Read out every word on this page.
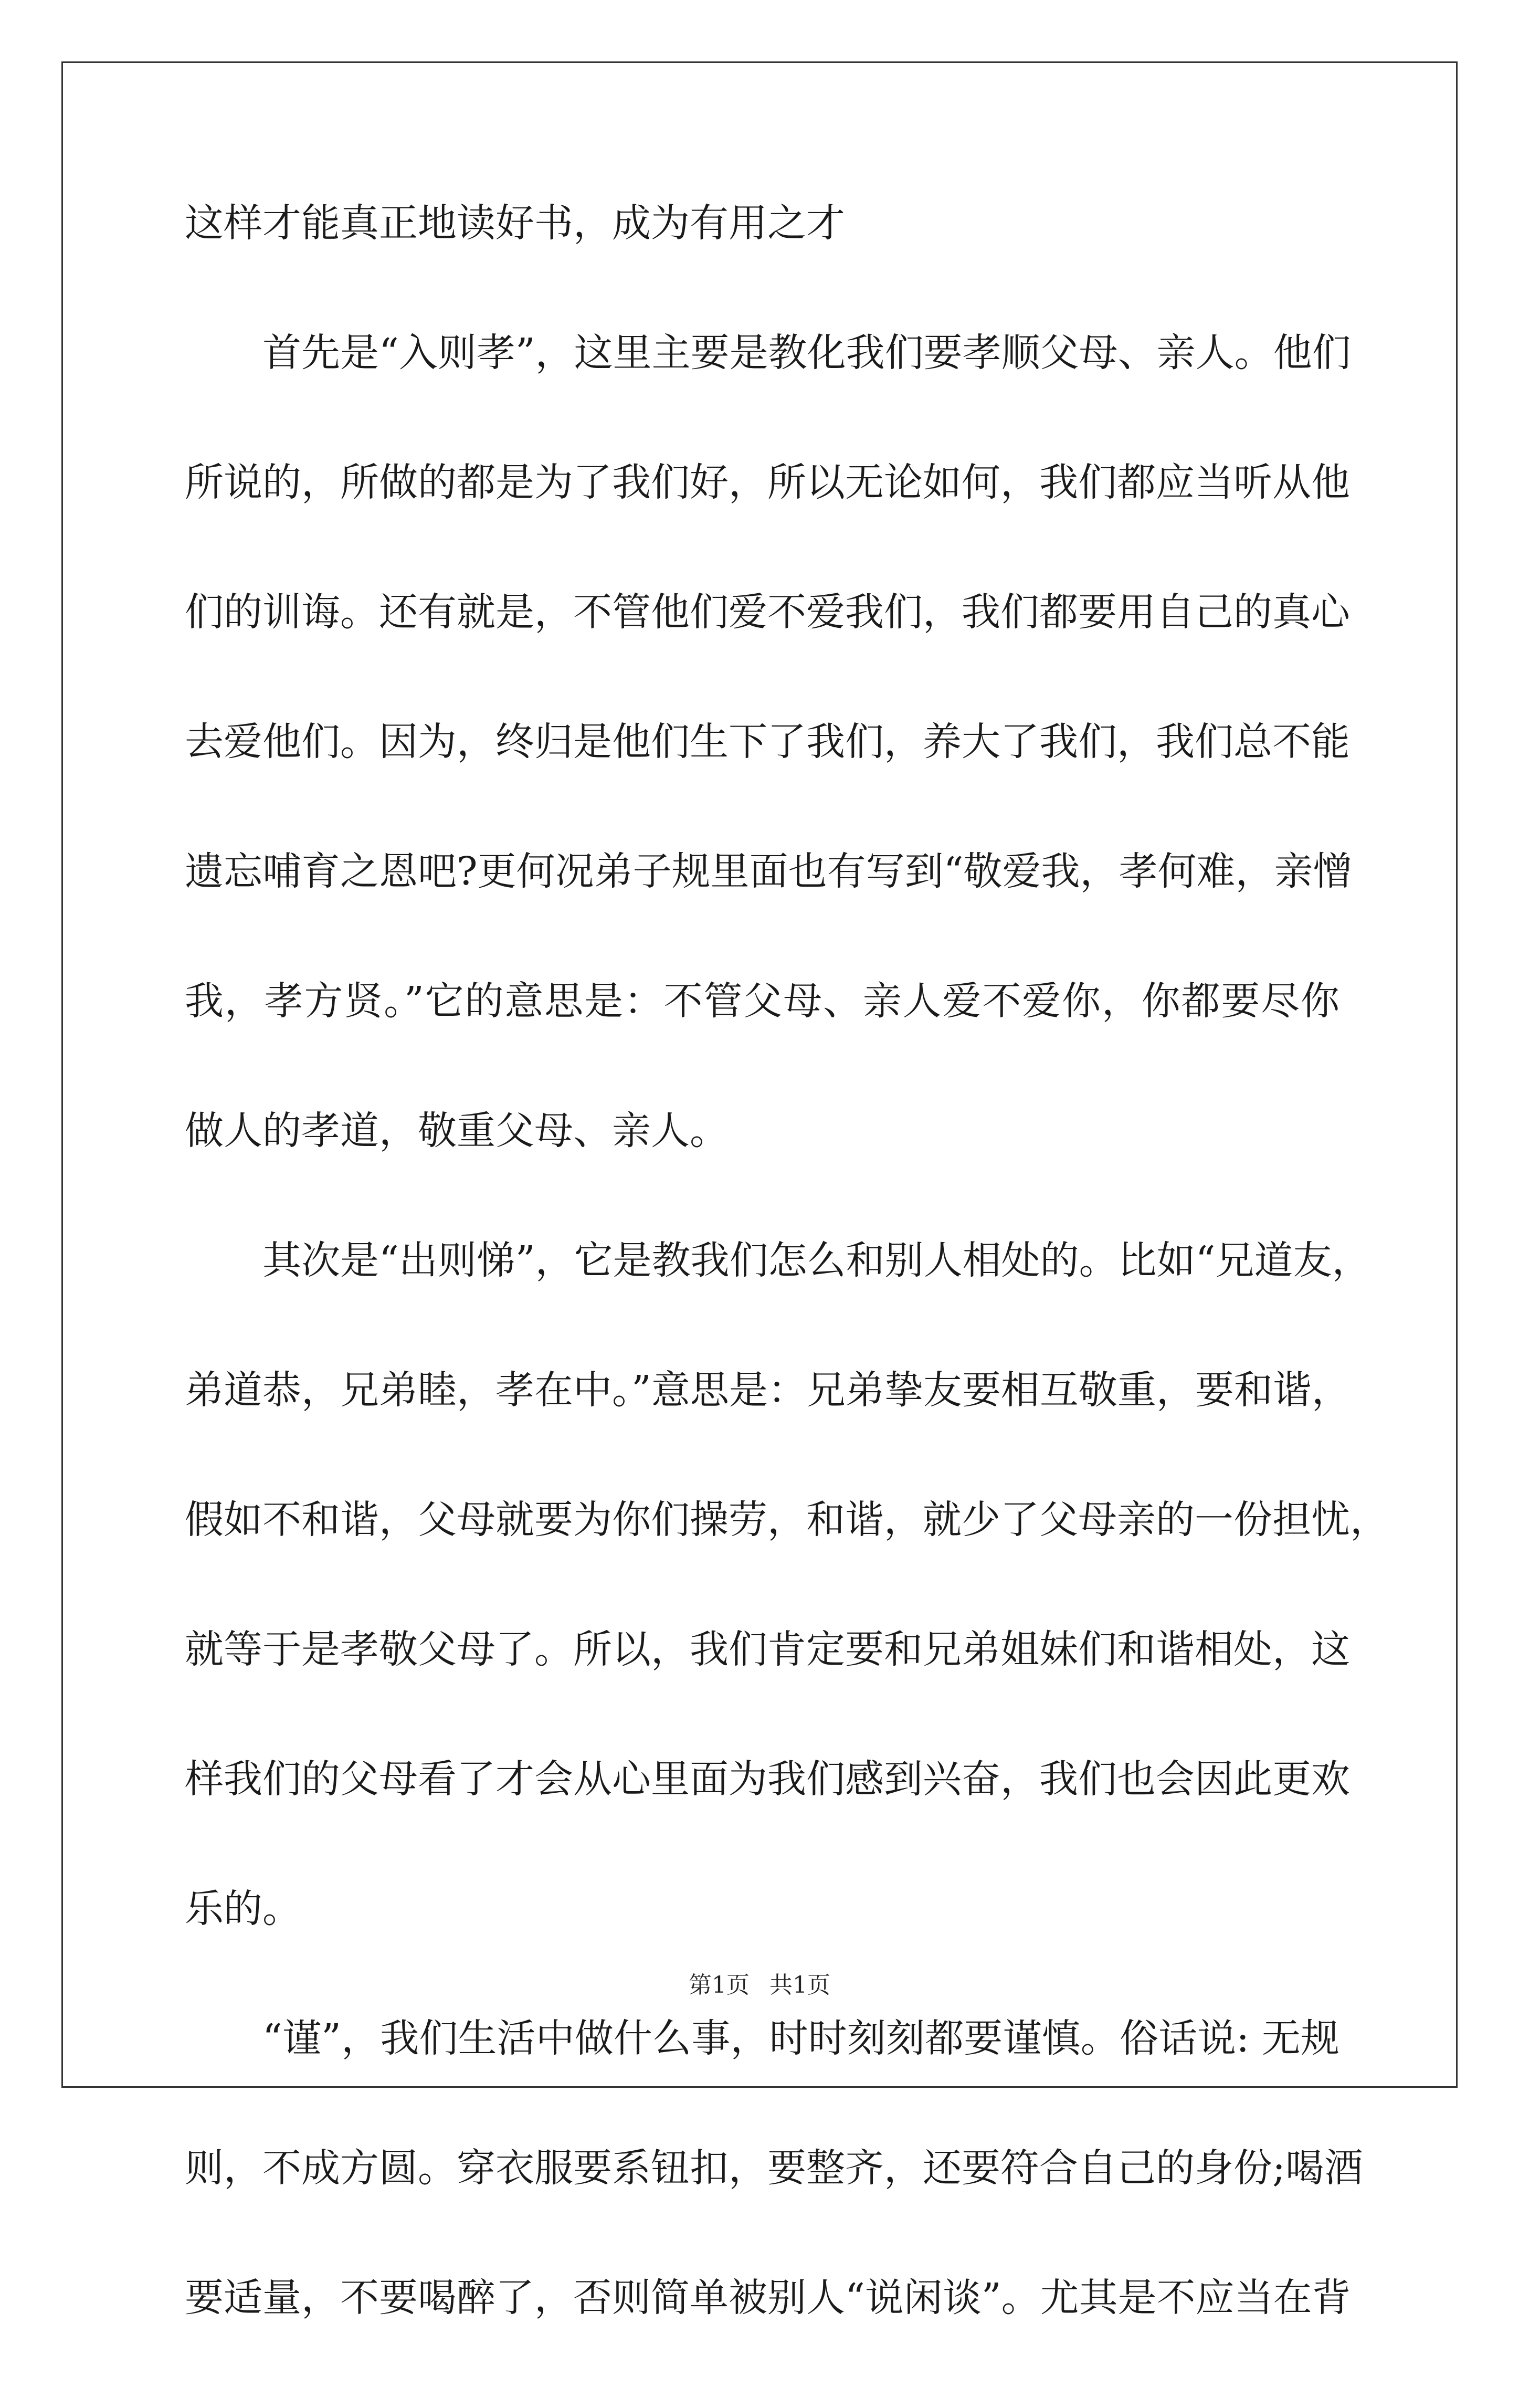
这样才能真正地读好书，成为有用之才
首先是“入则孝”，这里主要是教化我们要孝顺父母、亲人。他们
所说的，所做的都是为了我们好，所以无论如何，我们都应当听从他
们的训诲。还有就是，不管他们爱不爱我们，我们都要用自己的真心
去爱他们。因为，终归是他们生下了我们，养大了我们，我们总不能
遗忘哺育之恩吧?更何况弟子规里面也有写到“敬爱我，孝何难，亲憎
我，孝方贤。”它的意思是：不管父母、亲人爱不爱你，你都要尽你
做人的孝道，敬重父母、亲人。
其次是“出则悌”，它是教我们怎么和别人相处的。比如“兄道友，
弟道恭，兄弟睦，孝在中。”意思是：兄弟挚友要相互敬重，要和谐，
假如不和谐，父母就要为你们操劳，和谐，就少了父母亲的一份担忧，
就等于是孝敬父母了。所以，我们肯定要和兄弟姐妹们和谐相处，这
样我们的父母看了才会从心里面为我们感到兴奋，我们也会因此更欢
乐的。
“谨”，我们生活中做什么事，时时刻刻都要谨慎。俗话说: 无规
则，不成方圆。穿衣服要系钮扣，要整齐，还要符合自己的身份;喝酒
要适量，不要喝醉了，否则简单被别人“说闲谈”。尤其是不应当在背
第1页 共1页
